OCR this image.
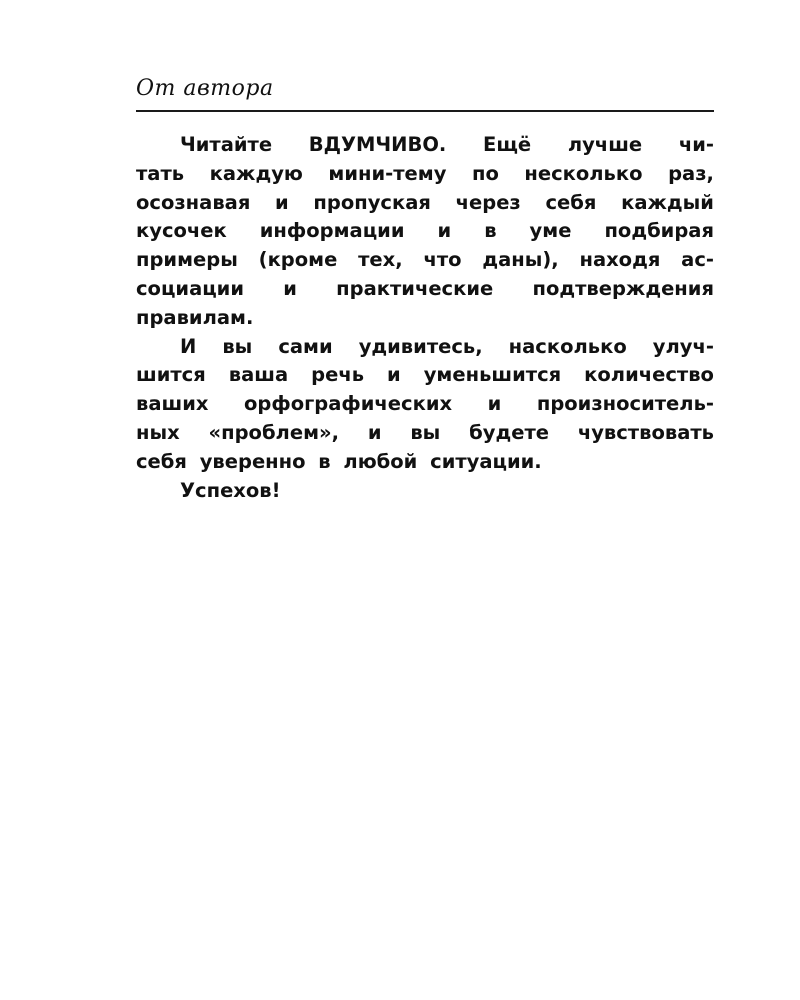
От автора
Читайте ВДУМЧИВО. Ещё лучше чи-
тать каждую мини-тему по несколько раз,
осознавая и пропуская через себя каждый
кусочек информации и в уме подбирая
примеры (кроме тех, что даны), находя ас-
социации и практические подтверждения
правилам.
И вы сами удивитесь, насколько улуч-
шится ваша речь и уменьшится количество
ваших орфографических и произноситель-
ных «проблем», и вы будете чувствовать
себя уверенно в любой ситуации.
Успехов!
